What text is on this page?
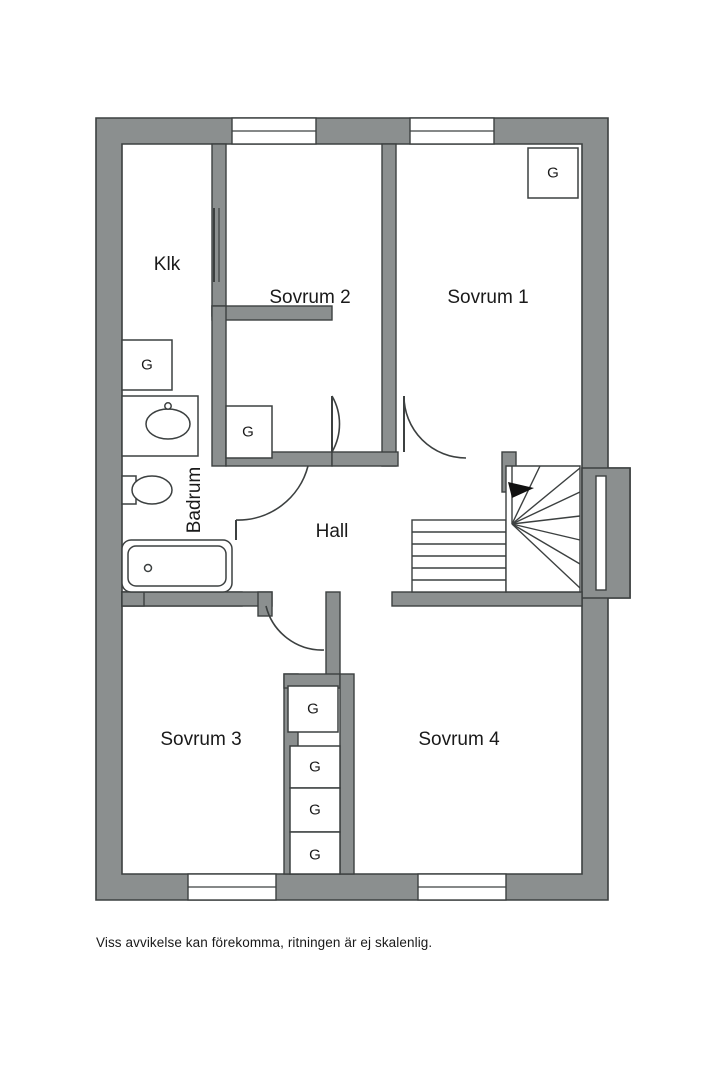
Klk
Sovrum 2	Sovrum 1
Badrum	Hall
Sovrum 3	Sovrum 4
G
G
G
G
G
G
G
Viss avvikelse kan förekomma, ritningen är ej skalenlig.
